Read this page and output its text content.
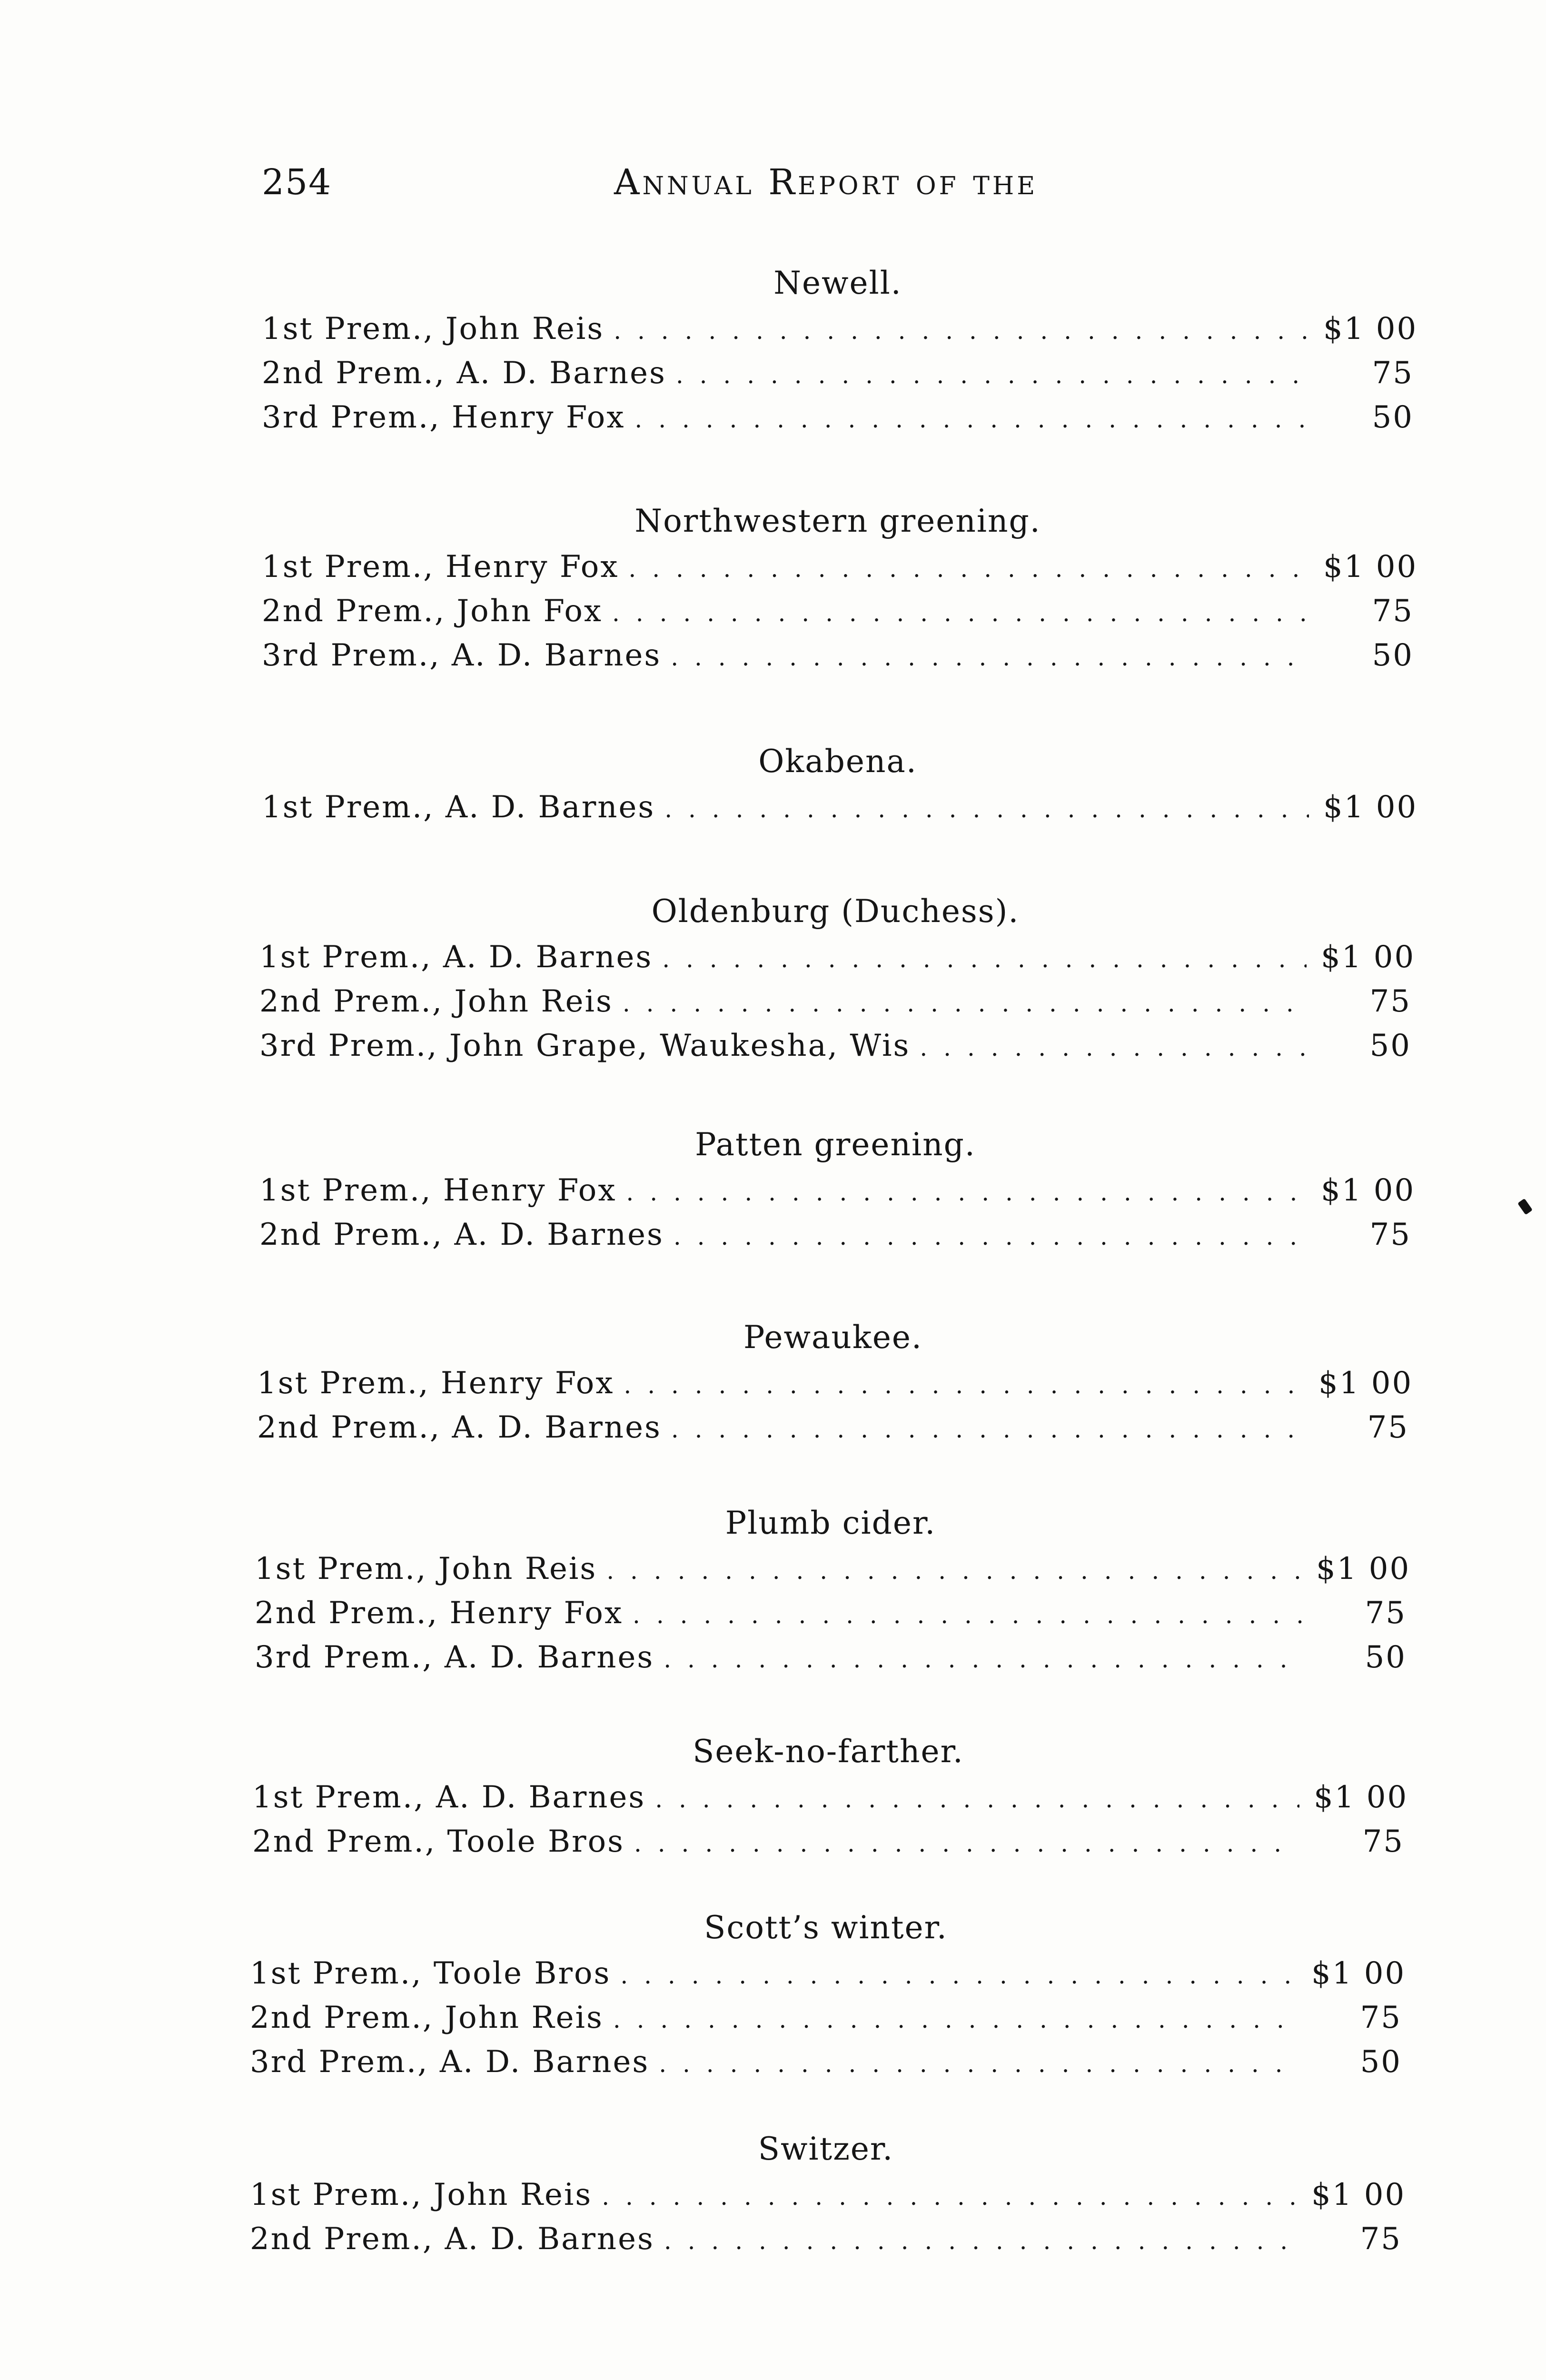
254	Annual Report of the
Newell.
1st Prem., John Reis . . .	$1 00
2nd Prem., A. D. Barnes . . .	75
3rd Prem., Henry Fox . . .	50
Northwestern greening.
1st Prem., Henry Fox . . .	$1 00
2nd Prem., John Fox . . .	75
3rd Prem., A. D. Barnes . . .	50
Okabena.
1st Prem., A. D. Barnes . . .	$1 00
Oldenburg (Duchess).
1st Prem., A. D. Barnes . . .	$1 00
2nd Prem., John Reis . . .	75
3rd Prem., John Grape, Waukesha, Wis . . .	50
Patten greening.
1st Prem., Henry Fox . . .	$1 00
2nd Prem., A. D. Barnes . . .	75
Pewaukee.
1st Prem., Henry Fox . . .	$1 00
2nd Prem., A. D. Barnes . . .	75
Plumb cider.
1st Prem., John Reis . . .	$1 00
2nd Prem., Henry Fox . . .	75
3rd Prem., A. D. Barnes . . .	50
Seek-no-farther.
1st Prem., A. D. Barnes . . .	$1 00
2nd Prem., Toole Bros . . .	75
Scott’s winter.
1st Prem., Toole Bros . . .	$1 00
2nd Prem., John Reis . . .	75
3rd Prem., A. D. Barnes . . .	50
Switzer.
1st Prem., John Reis . . .	$1 00
2nd Prem., A. D. Barnes . . .	75
